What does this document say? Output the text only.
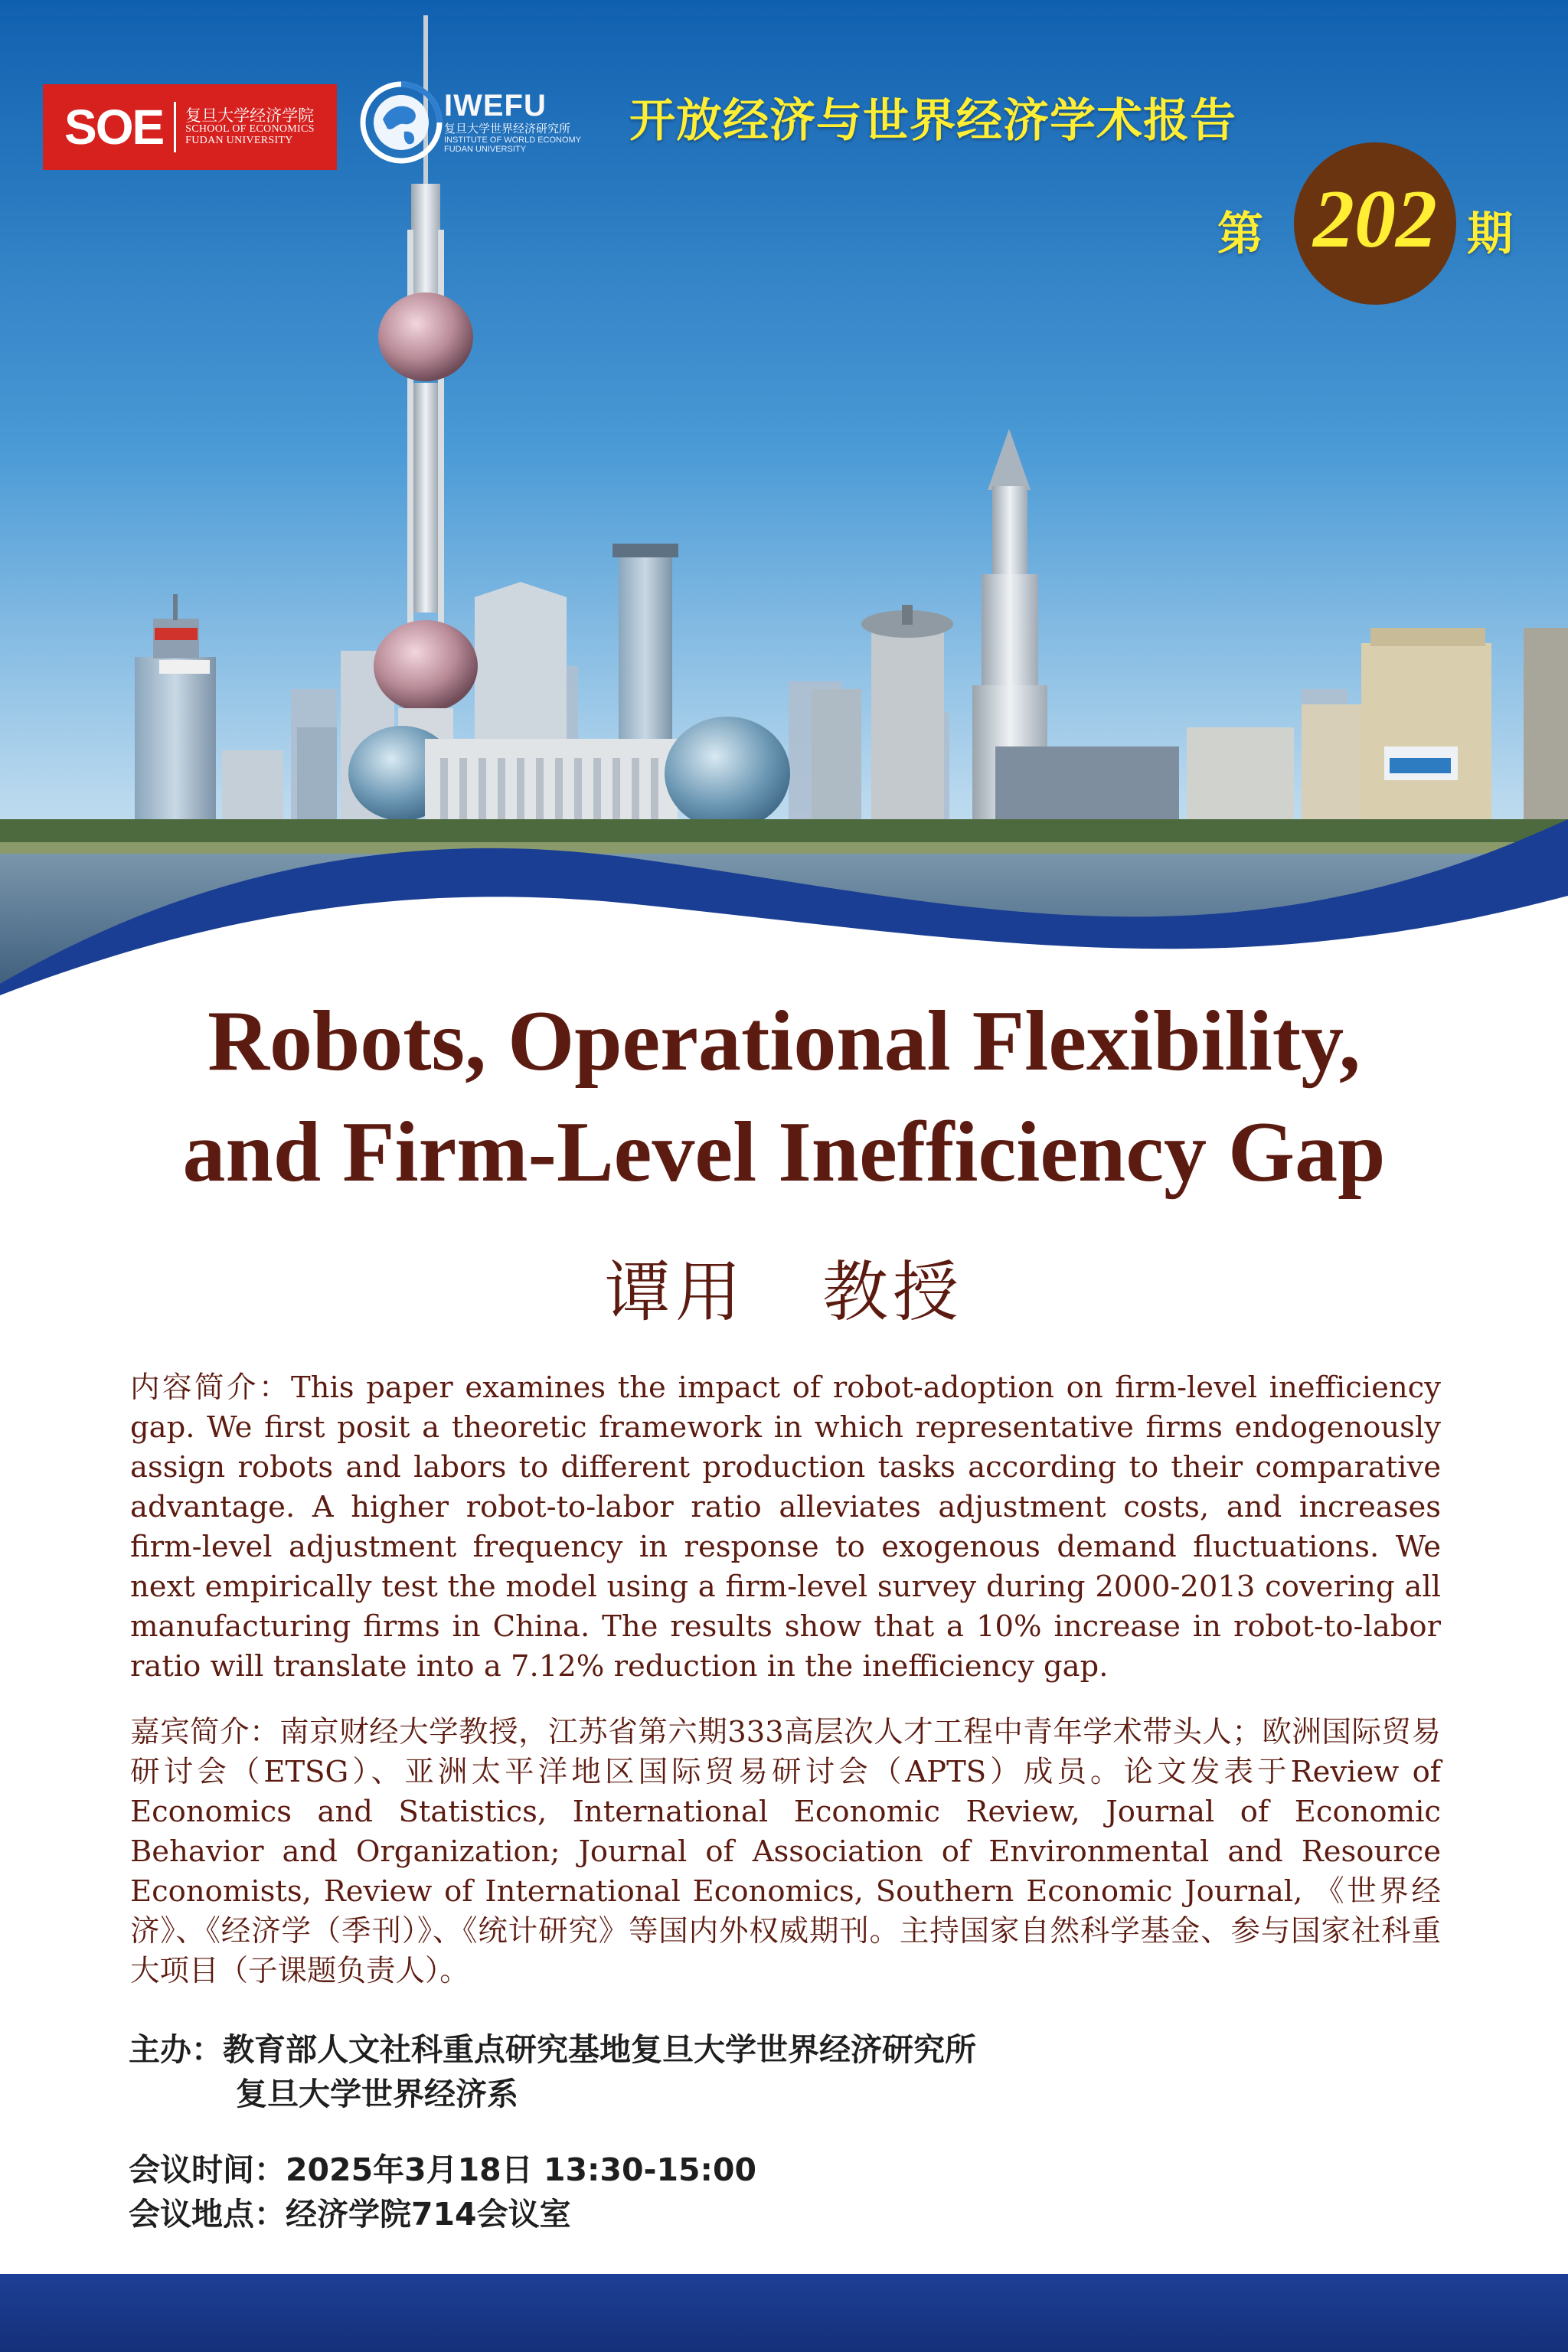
SOE 复旦大学经济学院
SCHOOL OF ECONOMICS
FUDAN UNIVERSITY
IWEFU
复旦大学世界经济研究所
INSTITUTE OF WORLD ECONOMY
FUDAN UNIVERSITY
开放经济与世界经济学术报告
第 202 期
Robots, Operational Flexibility,
and Firm-Level Inefficiency Gap
谭用 教授
内容简介：This paper examines the impact of robot-adoption on firm-level inefficiency gap. We first posit a theoretic framework in which representative firms endogenously assign robots and labors to different production tasks according to their comparative advantage. A higher robot-to-labor ratio alleviates adjustment costs, and increases firm-level adjustment frequency in response to exogenous demand fluctuations. We next empirically test the model using a firm-level survey during 2000-2013 covering all manufacturing firms in China. The results show that a 10% increase in robot-to-labor ratio will translate into a 7.12% reduction in the inefficiency gap.
嘉宾简介：南京财经大学教授，江苏省第六期333高层次人才工程中青年学术带头人；欧洲国际贸易研讨会（ETSG）、亚洲太平洋地区国际贸易研讨会（APTS）成员。论文发表于Review of Economics and Statistics, International Economic Review, Journal of Economic Behavior and Organization; Journal of Association of Environmental and Resource Economists, Review of International Economics, Southern Economic Journal, 《世界经济》、《经济学（季刊）》、《统计研究》等国内外权威期刊。主持国家自然科学基金、参与国家社科重大项目（子课题负责人）。
主办：教育部人文社科重点研究基地复旦大学世界经济研究所
复旦大学世界经济系
会议时间：2025年3月18日 13:30-15:00
会议地点：经济学院714会议室
